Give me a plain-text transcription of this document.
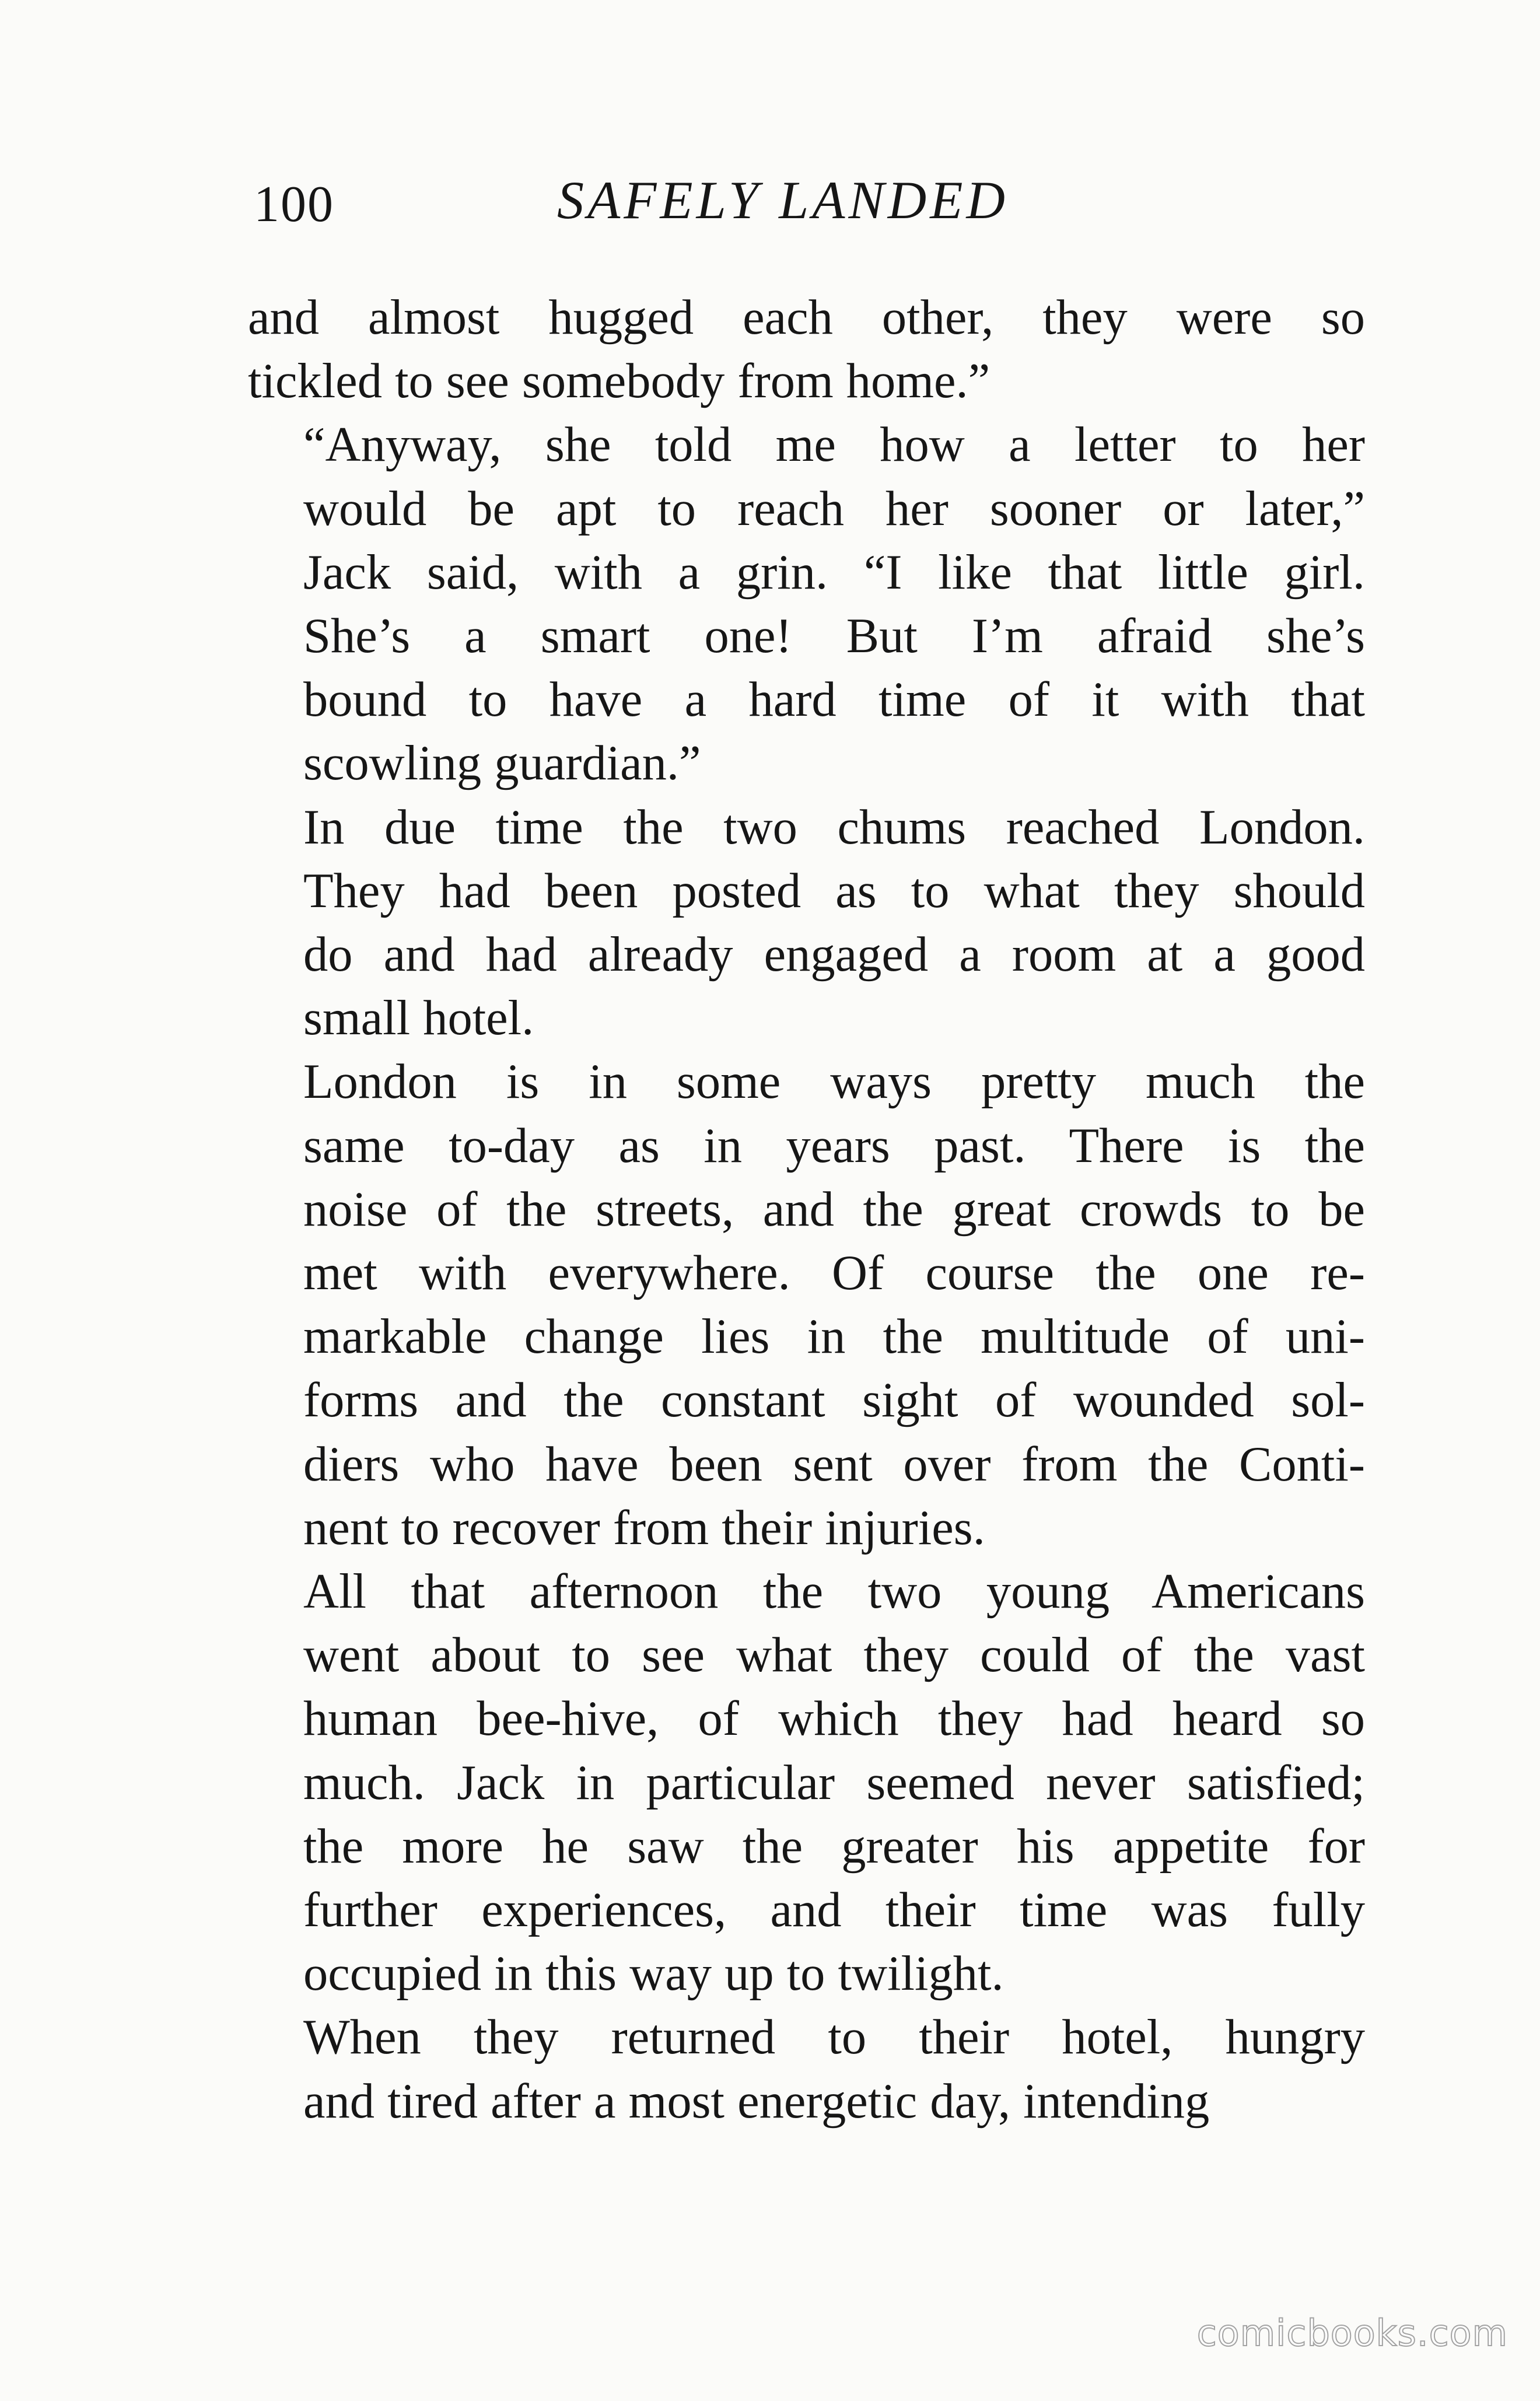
100	SAFELY LANDED

and almost hugged each other, they were so
tickled to see somebody from home.”

“Anyway, she told me how a letter to her
would be apt to reach her sooner or later,”
Jack said, with a grin. “I like that little girl.
She’s a smart one! But I’m afraid she’s
bound to have a hard time of it with that
scowling guardian.”

In due time the two chums reached London.
They had been posted as to what they should
do and had already engaged a room at a good
small hotel.

London is in some ways pretty much the
same to-day as in years past. There is the
noise of the streets, and the great crowds to be
met with everywhere. Of course the one re-
markable change lies in the multitude of uni-
forms and the constant sight of wounded sol-
diers who have been sent over from the Conti-
nent to recover from their injuries.

All that afternoon the two young Americans
went about to see what they could of the vast
human bee-hive, of which they had heard so
much. Jack in particular seemed never satisfied;
the more he saw the greater his appetite for
further experiences, and their time was fully
occupied in this way up to twilight.

When they returned to their hotel, hungry
and tired after a most energetic day, intending

comicbooks.com
